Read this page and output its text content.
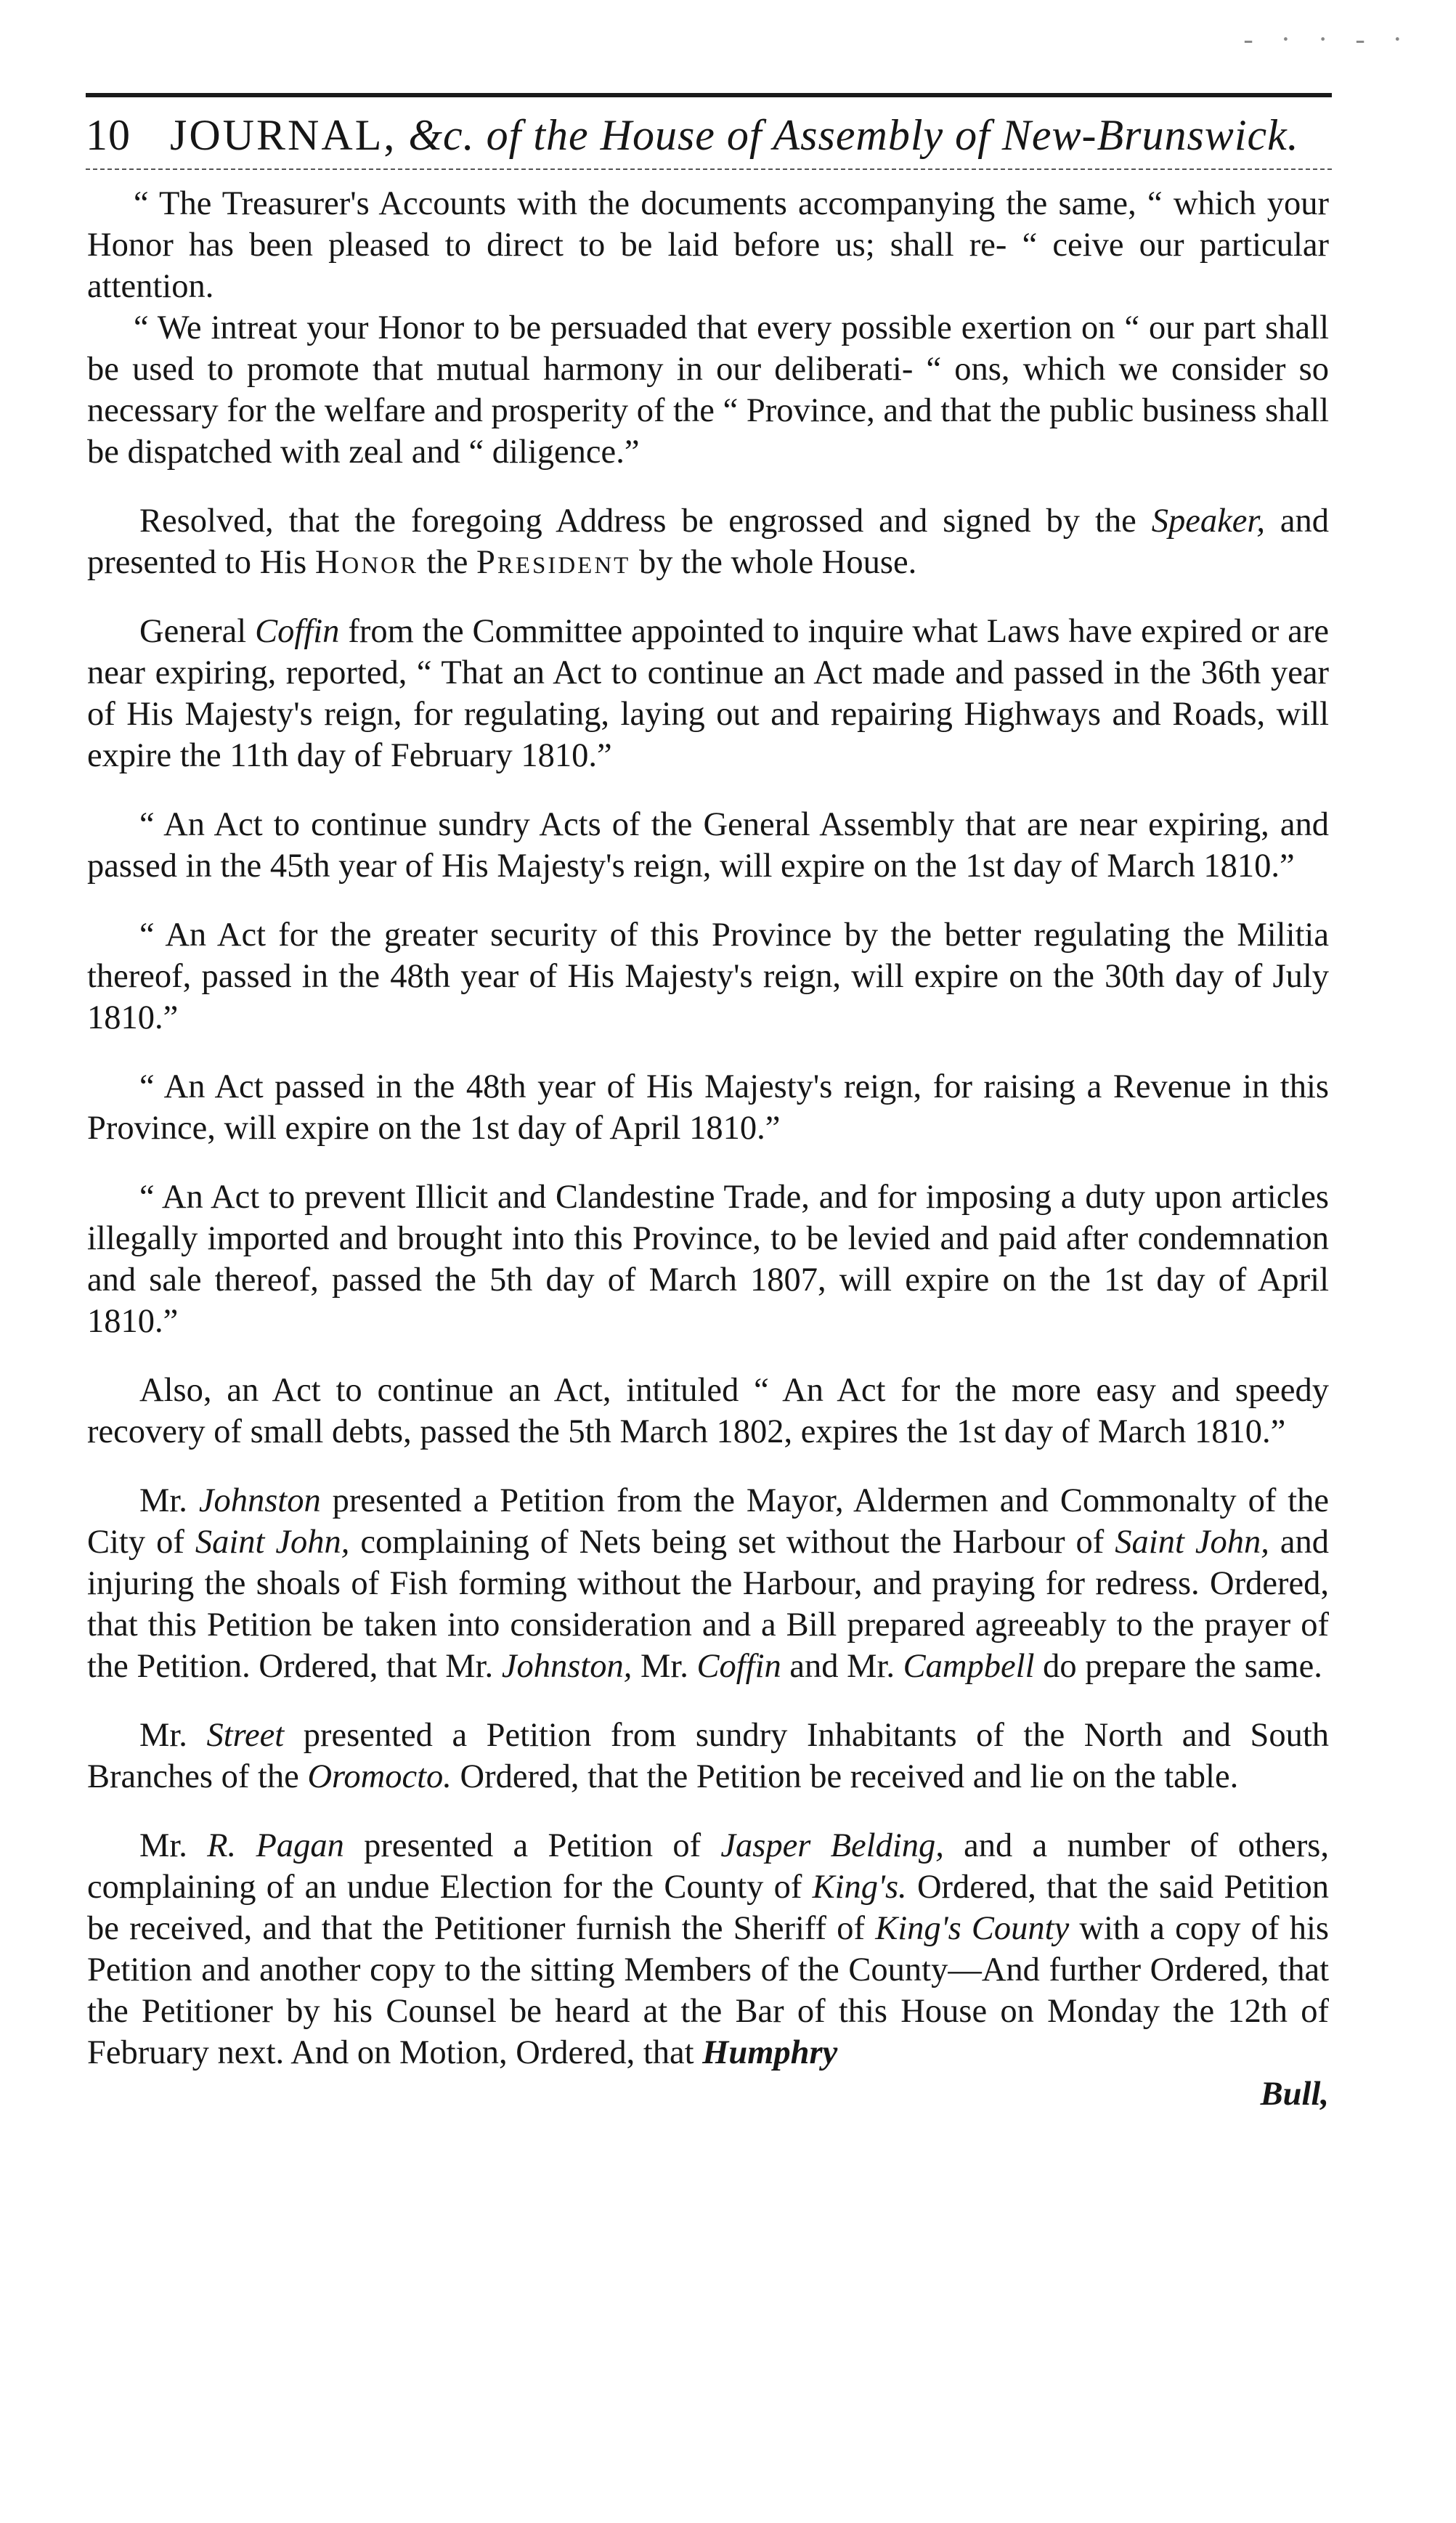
- · · - ·
10 JOURNAL, &c. of the House of Assembly of New-Brunswick.

“ The Treasurer's Accounts with the documents accompanying the same, “ which your Honor has been pleased to direct to be laid before us; shall re- “ ceive our particular attention.

“ We intreat your Honor to be persuaded that every possible exertion on “ our part shall be used to promote that mutual harmony in our deliberati- “ ons, which we consider so necessary for the welfare and prosperity of the “ Province, and that the public business shall be dispatched with zeal and “ diligence.”

Resolved, that the foregoing Address be engrossed and signed by the Speaker, and presented to His Honor the President by the whole House.

General Coffin from the Committee appointed to inquire what Laws have expired or are near expiring, reported, “ That an Act to continue an Act made and passed in the 36th year of His Majesty's reign, for regulating, laying out and repairing Highways and Roads, will expire the 11th day of February 1810.”

“ An Act to continue sundry Acts of the General Assembly that are near expiring, and passed in the 45th year of His Majesty's reign, will expire on the 1st day of March 1810.”

“ An Act for the greater security of this Province by the better regulating the Militia thereof, passed in the 48th year of His Majesty's reign, will expire on the 30th day of July 1810.”

“ An Act passed in the 48th year of His Majesty's reign, for raising a Revenue in this Province, will expire on the 1st day of April 1810.”

“ An Act to prevent Illicit and Clandestine Trade, and for imposing a duty upon articles illegally imported and brought into this Province, to be levied and paid after condemnation and sale thereof, passed the 5th day of March 1807, will expire on the 1st day of April 1810.”

Also, an Act to continue an Act, intituled “ An Act for the more easy and speedy recovery of small debts, passed the 5th March 1802, expires the 1st day of March 1810.”

Mr. Johnston presented a Petition from the Mayor, Aldermen and Commonalty of the City of Saint John, complaining of Nets being set without the Harbour of Saint John, and injuring the shoals of Fish forming without the Harbour, and praying for redress. Ordered, that this Petition be taken into consideration and a Bill prepared agreeably to the prayer of the Petition. Ordered, that Mr. Johnston, Mr. Coffin and Mr. Campbell do prepare the same.

Mr. Street presented a Petition from sundry Inhabitants of the North and South Branches of the Oromocto. Ordered, that the Petition be received and lie on the table.

Mr. R. Pagan presented a Petition of Jasper Belding, and a number of others, complaining of an undue Election for the County of King's. Ordered, that the said Petition be received, and that the Petitioner furnish the Sheriff of King's County with a copy of his Petition and another copy to the sitting Members of the County—And further Ordered, that the Petitioner by his Counsel be heard at the Bar of this House on Monday the 12th of February next. And on Motion, Ordered, that Humphry

Bull,
